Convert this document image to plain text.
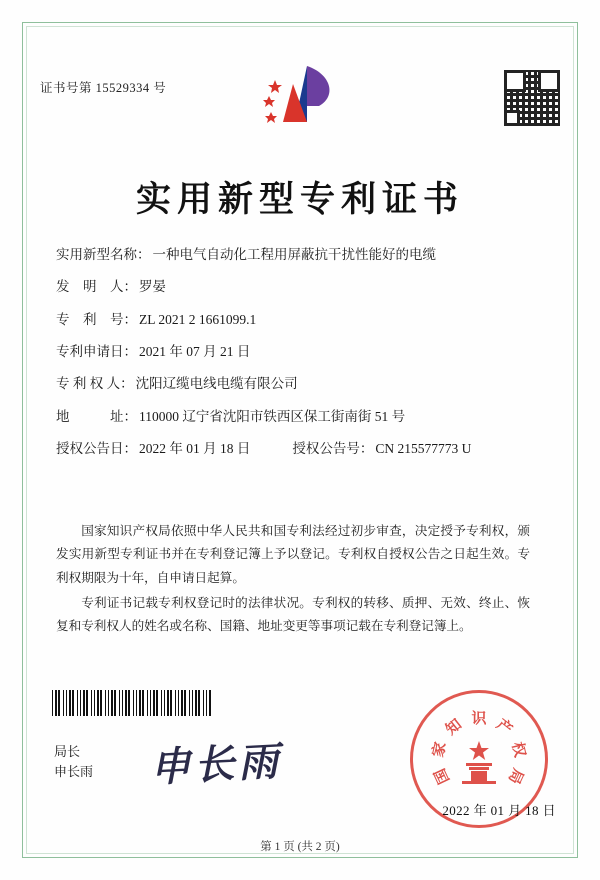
证书号第 15529334 号
实用新型专利证书
实用新型名称： 一种电气自动化工程用屏蔽抗干扰性能好的电缆
发　明　人： 罗晏
专　利　号： ZL 2021 2 1661099.1
专利申请日： 2021 年 07 月 21 日
专 利 权 人： 沈阳辽缆电线电缆有限公司
地　　　址： 110000 辽宁省沈阳市铁西区保工街南街 51 号
授权公告日： 2022 年 01 月 18 日	授权公告号： CN 215577773 U

国家知识产权局依照中华人民共和国专利法经过初步审查，决定授予专利权，颁发实用新型专利证书并在专利登记簿上予以登记。专利权自授权公告之日起生效。专利权期限为十年，自申请日起算。

专利证书记载专利权登记时的法律状况。专利权的转移、质押、无效、终止、恢复和专利权人的姓名或名称、国籍、地址变更等事项记载在专利登记簿上。

局长
申长雨 申长雨	国
家
知 识 产
权
局
2022 年 01 月 18 日
第 1 页 (共 2 页)
